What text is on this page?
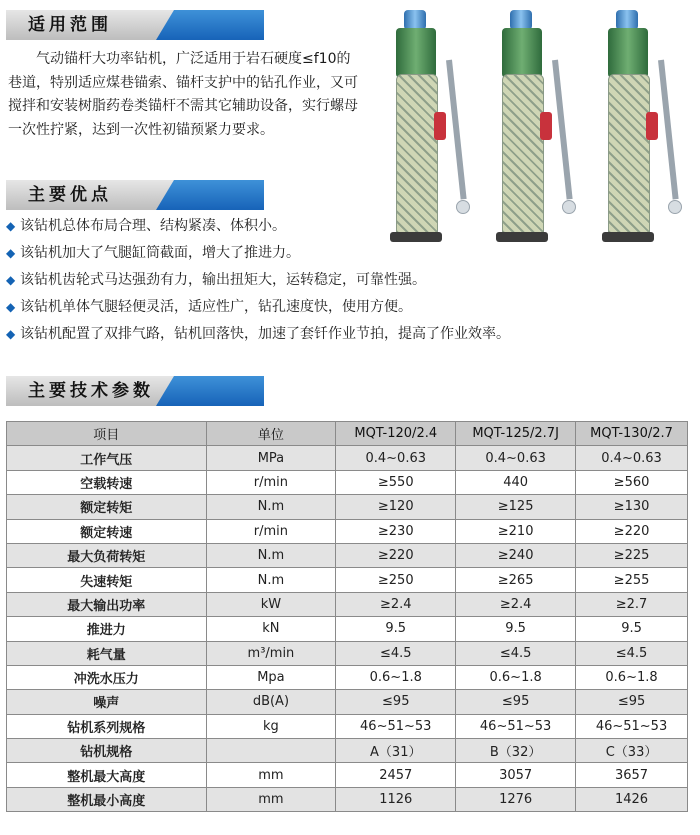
适用范围
气动锚杆大功率钻机，广泛适用于岩石硬度≤f10的巷道，特别适应煤巷锚索、锚杆支护中的钻孔作业，又可搅拌和安装树脂药卷类锚杆不需其它辅助设备，实行螺母一次性拧紧，达到一次性初锚预紧力要求。
主要优点
◆ 该钻机总体布局合理、结构紧凑、体积小。
◆ 该钻机加大了气腿缸筒截面，增大了推进力。
◆ 该钻机齿轮式马达强劲有力，输出扭矩大，运转稳定，可靠性强。
◆ 该钻机单体气腿轻便灵活，适应性广，钻孔速度快，使用方便。
◆ 该钻机配置了双排气路，钻机回落快，加速了套钎作业节拍，提高了作业效率。
主要技术参数
项目	单位	MQT-120/2.4	MQT-125/2.7J	MQT-130/2.7
工作气压	MPa	0.4~0.63	0.4~0.63	0.4~0.63
空载转速	r/min	≥550	440	≥560
额定转矩	N.m	≥120	≥125	≥130
额定转速	r/min	≥230	≥210	≥220
最大负荷转矩	N.m	≥220	≥240	≥225
失速转矩	N.m	≥250	≥265	≥255
最大输出功率	kW	≥2.4	≥2.4	≥2.7
推进力	kN	9.5	9.5	9.5
耗气量	m³/min	≤4.5	≤4.5	≤4.5
冲洗水压力	Mpa	0.6~1.8	0.6~1.8	0.6~1.8
噪声	dB(A)	≤95	≤95	≤95
钻机系列规格	kg	46~51~53	46~51~53	46~51~53
钻机规格		A（31）	B（32）	C（33）
整机最大高度	mm	2457	3057	3657
整机最小高度	mm	1126	1276	1426
